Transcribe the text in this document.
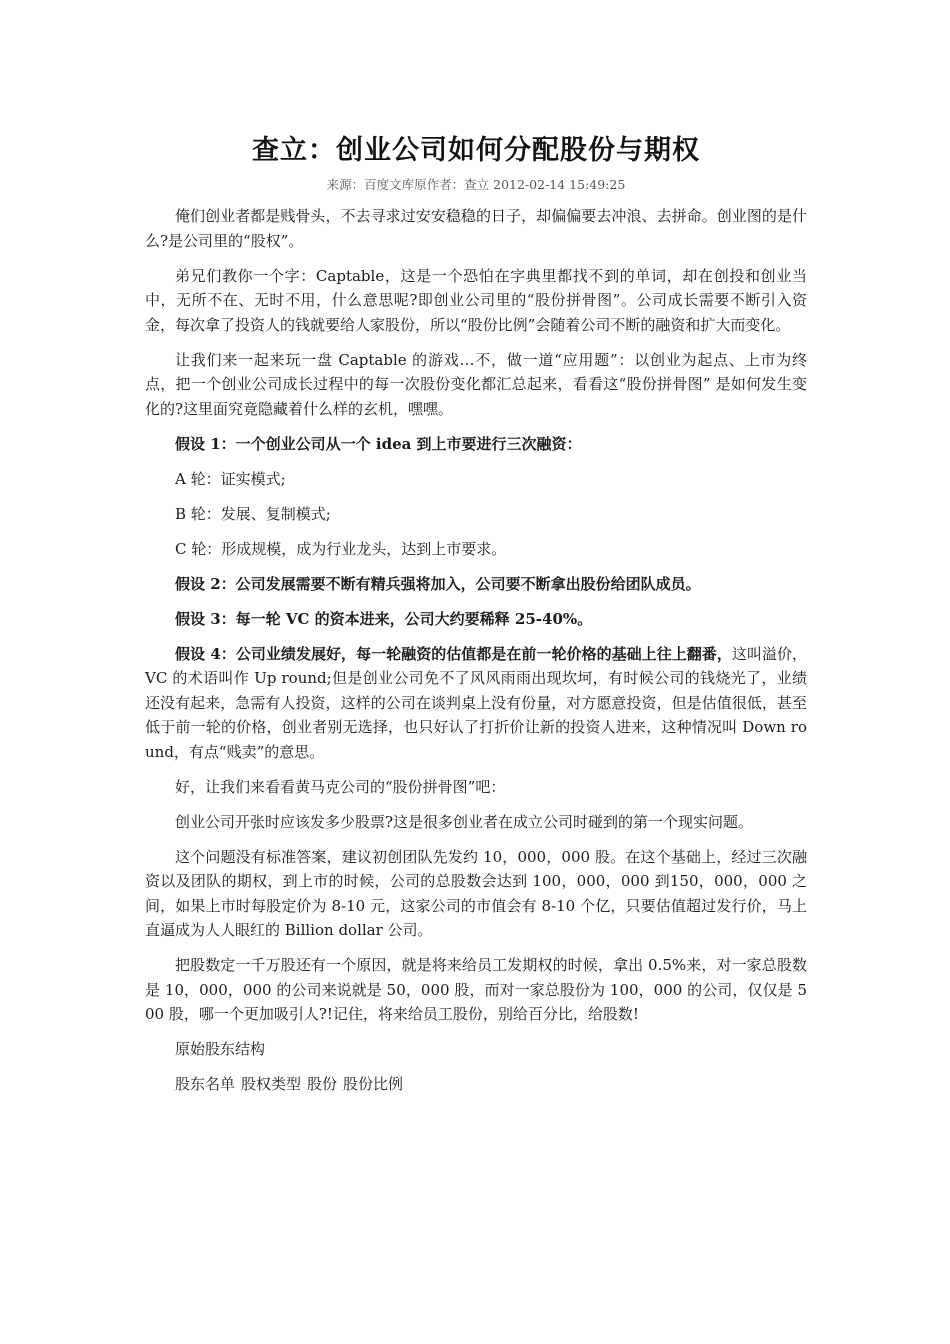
查立：创业公司如何分配股份与期权
来源：百度文库原作者：查立 2012-02-14 15:49:25

俺们创业者都是贱骨头，不去寻求过安安稳稳的日子，却偏偏要去冲浪、去拼命。创业图的是什么?是公司里的“股权”。

弟兄们教你一个字：Captable，这是一个恐怕在字典里都找不到的单词，却在创投和创业当中，无所不在、无时不用，什么意思呢?即创业公司里的“股份拼骨图”。公司成长需要不断引入资金，每次拿了投资人的钱就要给人家股份，所以“股份比例”会随着公司不断的融资和扩大而变化。

让我们来一起来玩一盘 Captable 的游戏…不，做一道“应用题”：以创业为起点、上市为终点，把一个创业公司成长过程中的每一次股份变化都汇总起来，看看这“股份拼骨图” 是如何发生变化的?这里面究竟隐藏着什么样的玄机，嘿嘿。

假设 1：一个创业公司从一个 idea 到上市要进行三次融资：

A 轮：证实模式;

B 轮：发展、复制模式;

C 轮：形成规模，成为行业龙头，达到上市要求。

假设 2：公司发展需要不断有精兵强将加入，公司要不断拿出股份给团队成员。

假设 3：每一轮 VC 的资本进来，公司大约要稀释 25-40%。

假设 4：公司业绩发展好，每一轮融资的估值都是在前一轮价格的基础上往上翻番，这叫溢价，VC 的术语叫作 Up round;但是创业公司免不了风风雨雨出现坎坷，有时候公司的钱烧光了，业绩还没有起来，急需有人投资，这样的公司在谈判桌上没有份量，对方愿意投资，但是估值很低，甚至低于前一轮的价格，创业者别无选择，也只好认了打折价让新的投资人进来，这种情况叫 Down round，有点“贱卖”的意思。

好，让我们来看看黄马克公司的“股份拼骨图”吧：

创业公司开张时应该发多少股票?这是很多创业者在成立公司时碰到的第一个现实问题。

这个问题没有标准答案，建议初创团队先发约 10，000，000 股。在这个基础上，经过三次融资以及团队的期权，到上市的时候，公司的总股数会达到 100，000，000 到150，000，000 之间，如果上市时每股定价为 8-10 元，这家公司的市值会有 8-10 个亿，只要估值超过发行价，马上直逼成为人人眼红的 Billion dollar 公司。

把股数定一千万股还有一个原因，就是将来给员工发期权的时候，拿出 0.5%来，对一家总股数是 10，000，000 的公司来说就是 50，000 股，而对一家总股份为 100，000 的公司，仅仅是 500 股，哪一个更加吸引人?!记住，将来给员工股份，别给百分比，给股数!

原始股东结构

股东名单 股权类型 股份 股份比例
